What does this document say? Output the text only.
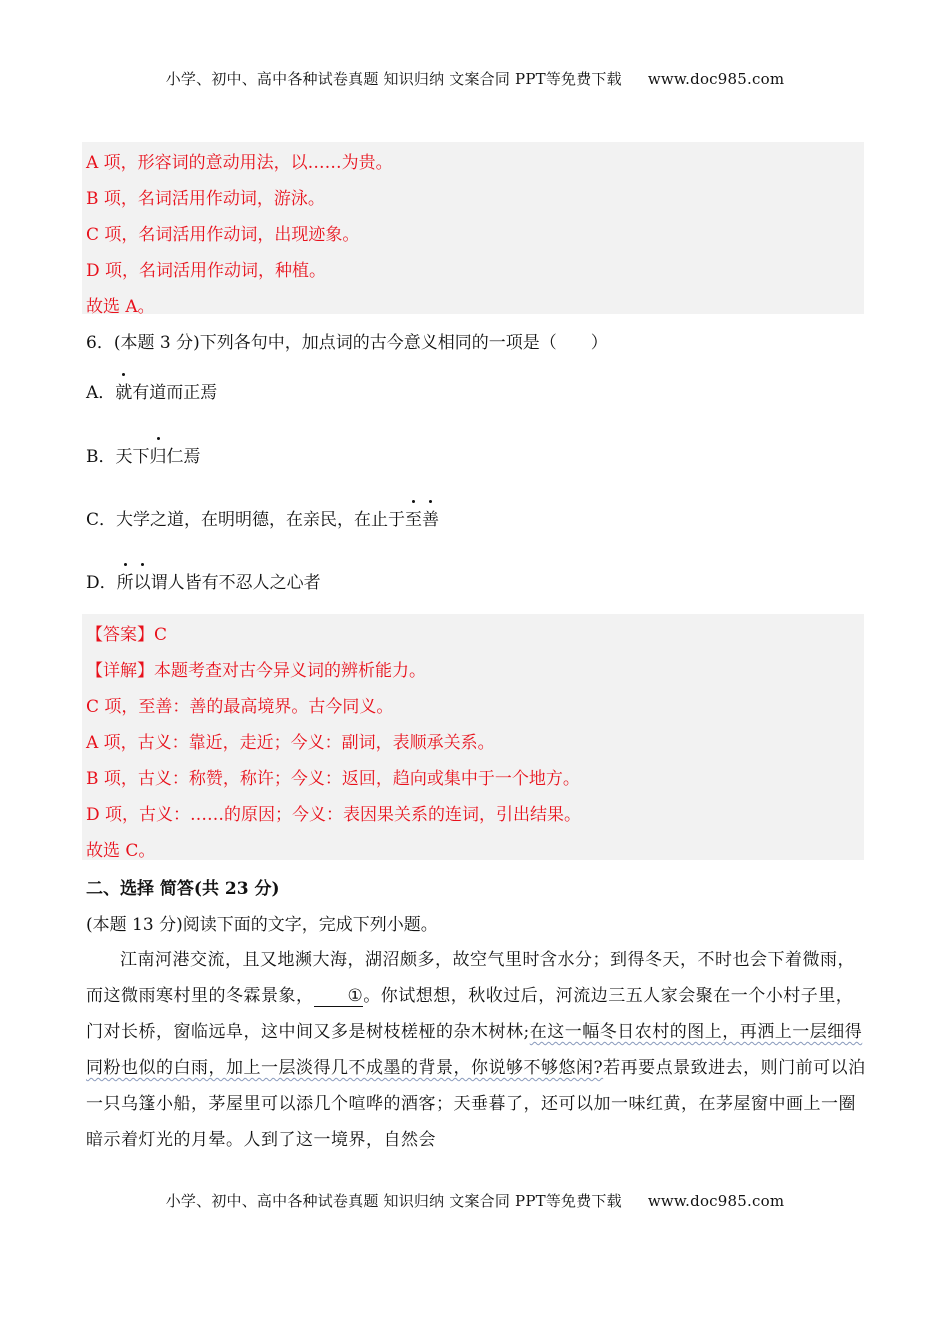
小学、初中、高中各种试卷真题 知识归纳 文案合同 PPT等免费下载 www.doc985.com
A 项，形容词的意动用法，以……为贵。
B 项，名词活用作动词，游泳。
C 项，名词活用作动词，出现迹象。
D 项，名词活用作动词，种植。
故选 A。
6．(本题 3 分)下列各句中，加点词的古今意义相同的一项是（　　）
A．就有道而正焉
B．天下归仁焉
C．大学之道，在明明德，在亲民，在止于至善
D．所以谓人皆有不忍人之心者
【答案】C
【详解】本题考查对古今异义词的辨析能力。
C 项，至善：善的最高境界。古今同义。
A 项，古义：靠近，走近；今义：副词，表顺承关系。
B 项，古义：称赞，称许；今义：返回，趋向或集中于一个地方。
D 项，古义：……的原因；今义：表因果关系的连词，引出结果。
故选 C。
二、选择 简答(共 23 分)
(本题 13 分)阅读下面的文字，完成下列小题。
江南河港交流，且又地濒大海，湖沼颇多，故空气里时含水分；到得冬天，不时也会下着微雨，而这微雨寒村里的冬霖景象， ①。你试想想，秋收过后，河流边三五人家会聚在一个小村子里，门对长桥，窗临远阜，这中间又多是树枝槎桠的杂木树林;在这一幅冬日农村的图上，再洒上一层细得同粉也似的白雨，加上一层淡得几不成墨的背景，你说够不够悠闲?若再要点景致进去，则门前可以泊一只乌篷小船，茅屋里可以添几个喧哗的酒客；天垂暮了，还可以加一味红黄，在茅屋窗中画上一圈暗示着灯光的月晕。人到了这一境界，自然会
小学、初中、高中各种试卷真题 知识归纳 文案合同 PPT等免费下载 www.doc985.com
